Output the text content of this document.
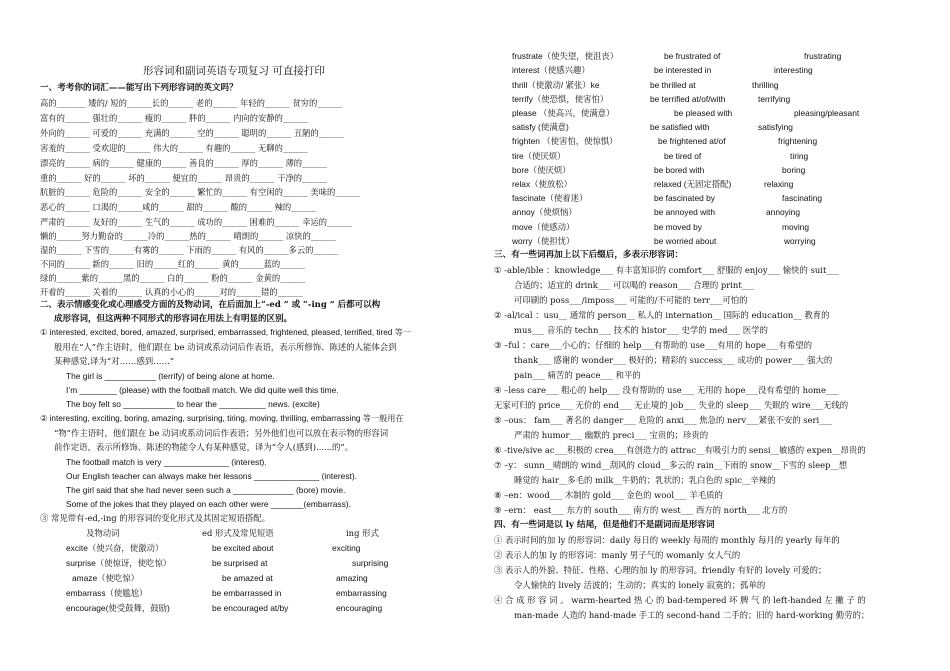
形容词和副词英语专项复习 可直接打印
一、考考你的词汇——能写出下列形容词的英文吗？
高的_______ 矮的/ 短的______长的______ 老的______ 年轻的______ 贫穷的______
富有的______ 强壮的______ 瘦的______ 胖的______ 内向的安静的______
外向的______ 可爱的______ 充满的______ 空的______ 聪明的______ 丑陋的______
害羞的______ 受欢迎的______ 伟大的______ 有趣的______ 无聊的______
漂亮的______ 病的______ 健康的______ 善良的______ 厚的______ 薄的______
重的______ 好的______ 坏的______ 便宜的______ 昂贵的______ 干净的______
肮脏的______ 危险的______ 安全的______ 繁忙的______ 有空闲的______ 美味的______
恶心的______ 口渴的______咸的______ 甜的______ 酸的______ 辣的______
严肃的______ 友好的______ 生气的______ 成功的______ 困难的______ 幸运的______
懒的______努力勤奋的______冷的______热的______ 晴朗的______ 凉快的______
湿的______ 下雪的______有雾的______ 下雨的______ 有风的______多云的______
不同的______ 新的______ 旧的______红的______ 黄的______蓝的______
绿的______紫的______黑的______ 白的______ 粉的______ 金黄的______
开着的______ 关着的______ 认真的小心的______对的______错的______
二、表示情感变化或心理感受方面的及物动词，在后面加上“-ed ” 或 “-ing ” 后都可以构
成形容词，但这两种不同形式的形容词在用法上有明显的区别。
① interested, excited, bored, amazed, surprised, embarrassed, frightened, pleased, terrified, tired 等一
般用在“人”作主语时，他们跟在 be 动词或系动词后作表语，表示所修饰、陈述的人能体会到
某种感觉,译为“对……感到……”
The girl is ___________ (terrify) of being alone at home.
I’m ________ (please) with the football match. We did quite well this time.
The boy felt so ___________ to hear the __________ news. (excite)
② interesting, exciting, boring, amazing, surprising, tiring, moving, thrilling, embarrassing 等一般用在
“物”作主语时，他们跟在 be 动词或系动词后作表语；另外他们也可以放在表示物的形容词
前作定语，表示所修饰、陈述的物能令人有某种感觉，译为“令人(感到)......的”。
The football match is very ______________ (interest).
Our English teacher can always make her lessons ______________ (interest).
The girl said that she had never seen such a _____________ (bore) movie.
Some of the jokes that they played on each other were _______(embarrass).
③ 常见带有-ed,-ing 的形容词的变化形式及其固定短语搭配。
及物动词	ed 形式及常见短语	ing 形式
excite（使兴奋，使激动）	be excited about	exciting
surprise（使惊讶，使吃惊）	be surprised at	surprising
amaze（使吃惊）	be amazed at	amazing
embarrass（使尴尬）	be embarrassed in	embarrassing
encourage(使受鼓舞，鼓励)	be encouraged at/by	encouraging
frustrate（使失望，使沮丧）	be frustrated of	frustrating
interest（使感兴趣）	be interested in	interesting
thrill（使激动/ 紧张）ke	be thrilled at	thrilling
terrify（使恐惧，使害怕）	be terrified at/of/with	terrifying
please （使高兴，使满意）	be pleased with	pleasing/pleasant
satisfy (使满意)	be satisfied with	satisfying
frighten （使害怕，使惊惧）	be frightened at/of	frightening
tire（使厌烦）	be tired of	tiring
bore（使厌烦）	be bored with	boring
relax（使放松）	relaxed (无固定搭配)	relaxing
fascinate（使着迷）	be fascinated by	fascinating
annoy（使烦恼）	be annoyed with	annoying
move（使感动）	be moved by	moving
worry（使担忧）	be worried about	worrying
三、有一些词再加上以下后缀后，多表示形容词：
① -able/ible ：knowledge___ 有丰富知识的 comfort___ 舒服的 enjoy___ 愉快的 suit___
合适的；适宜的 drink___ 可以喝的 reason___ 合理的 print___
可印刷的 poss___/imposs___ 可能的/不可能的 terr___可怕的
② -al/ical ：usu__ 通常的 person__ 私人的 internation__ 国际的 education__ 教育的
mus___ 音乐的 techn___ 技术的 histor___ 史学的 med___ 医学的
③ –ful ：care___小心的；仔细的 help___有帮助的 use___有用的 hope___有希望的
thank___ 感谢的 wonder___ 极好的；精彩的 success___ 成功的 power___ 强大的
pain___ 痛苦的 peace___ 和平的
④ –less care___ 粗心的 help___ 没有帮助的 use___ 无用的 hope___没有希望的 home___
无家可归的 price___ 无价的 end___ 无止境的 job___ 失业的 sleep___ 失眠的 wire___无线的
⑤ –ous： fam___ 著名的 danger___ 危险的 anxi___ 焦急的 nerv___紧张不安的 seri___
严肃的 humor___ 幽默的 preci___ 宝贵的；珍贵的
⑥ -tive/sive ac___积极的 crea___有创造力的 attrac__有吸引力的 sensi__敏感的 expen__昂贵的
⑦ –y： sunn__晴朗的 wind__刮风的 cloud__多云的 rain__下雨的 snow__下雪的 sleep__想
睡觉的 hair__多毛的 milk__牛奶的；乳状的；乳白色的 spic__辛辣的
⑧ –en：wood___ 木制的 gold___ 金色的 wool___ 羊毛质的
⑨ –ern： east___ 东方的 south___ 南方的 west___ 西方的 north___ 北方的
四、有一些词是以 ly 结尾，但是他们不是副词而是形容词
① 表示时间的加 ly 的形容词：daily 每日的 weekly 每周的 monthly 每月的 yearly 每年的
② 表示人的加 ly 的形容词：manly 男子气的 womanly 女人气的
③ 表示人的外貌、特征、性格、心理的加 ly 的形容词。friendly 有好的 lovely 可爱的；
令人愉快的 lively 活波的；生动的；真实的 lonely 寂寞的；孤单的
④ 合 成 形 容 词 。 warm-hearted 热 心 的 bad-tempered 坏 脾 气 的 left-handed 左 撇 子 的
man-made 人造的 hand-made 手工的 second-hand 二手的；旧的 hard-working 勤劳的；
